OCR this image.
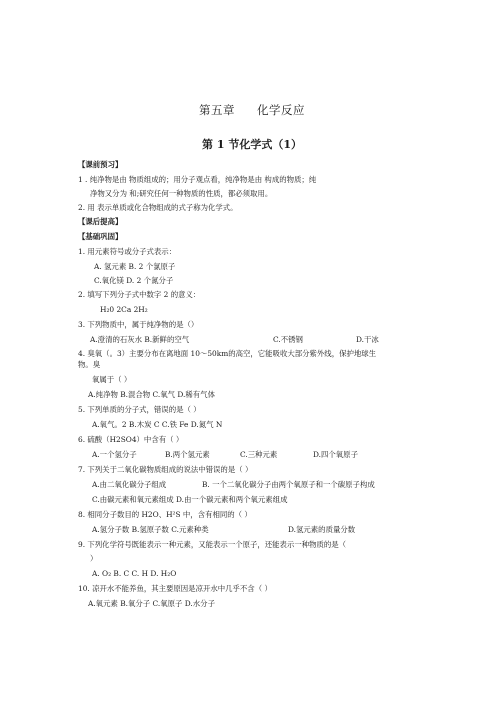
第五章 化学反应
第 1 节化学式（1）
【课前预习】
1 . 纯净物是由 物质组成的；用分子观点看，纯净物是由 构成的物质；纯
净物又分为 和;研究任何一种物质的性质，都必须取用。
2. 用 表示单质或化合物组成的式子称为化学式。
【课后提高】
【基础巩固】
1. 用元素符号或分子式表示：
A. 氢元素 B. 2 个氯原子
C.氧化镁 D. 2 个氮分子
2. 填写下列分子式中数字 2 的意义：
H₂0 2Ca 2H₂
3. 下列物质中，属于纯净物的是（）
A.澄清的石灰水 B.新鲜的空气	C.不锈钢	D.干冰
4. 臭氧（。3）主要分布在离地面 10〜50km的高空，它能吸收大部分紫外线，保护地球生
物。臭
氧属于（ ）
A.纯净物 B.混合物 C.氧气 D.稀有气体
5. 下列单质的分子式，错误的是（ ）
A.氧气。2 B.木炭 C C.铁 Fe D.氮气 N
6. 硫酸（H2SO4）中含有（ ）
A.一个氢分子	B.两个氢元素	C.三种元素	D.四个氧原子
7. 下列关于二氧化碳物质组成的说法中错误的是（ ）
A.由二氧化碳分子组成	B. 一个二氧化碳分子由两个氧原子和一个碳原子构成
C.由碳元素和氧元素组成 D.由一个碳元素和两个氧元素组成
8. 相同分子数目的 H2O、H²S 中，含有相同的（ ）
A.氢分子数 B.氢原子数 C.元素种类	D.氢元素的质量分数
9. 下列化学符号既能表示一种元素，又能表示一个原子，还能表示一种物质的是（
）
A. O₂ B. C C. H D. H₂O
10. 凉开水不能养鱼，其主要原因是凉开水中几乎不含（ ）
A.氧元素 B.氧分子 C.氧原子 D.水分子
